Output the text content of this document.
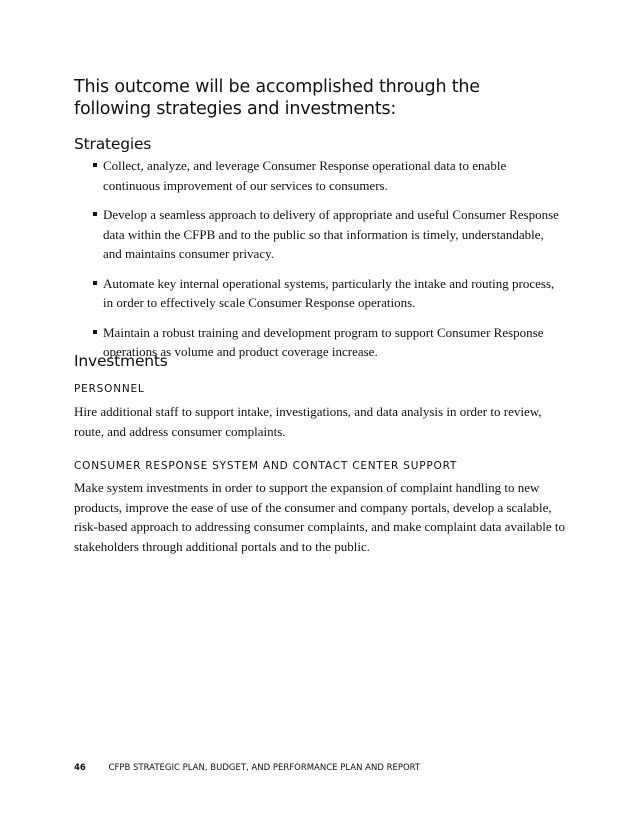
This outcome will be accomplished through the following strategies and investments:
Strategies
Collect, analyze, and leverage Consumer Response operational data to enable continuous improvement of our services to consumers.
Develop a seamless approach to delivery of appropriate and useful Consumer Response data within the CFPB and to the public so that information is timely, understandable, and maintains consumer privacy.
Automate key internal operational systems, particularly the intake and routing process, in order to effectively scale Consumer Response operations.
Maintain a robust training and development program to support Consumer Response operations as volume and product coverage increase.
Investments
PERSONNEL

Hire additional staff to support intake, investigations, and data analysis in order to review, route, and address consumer complaints.

CONSUMER RESPONSE SYSTEM AND CONTACT CENTER SUPPORT

Make system investments in order to support the expansion of complaint handling to new products, improve the ease of use of the consumer and company portals, develop a scalable, risk-based approach to addressing consumer complaints, and make complaint data available to stakeholders through additional portals and to the public.

46	CFPB STRATEGIC PLAN, BUDGET, AND PERFORMANCE PLAN AND REPORT
